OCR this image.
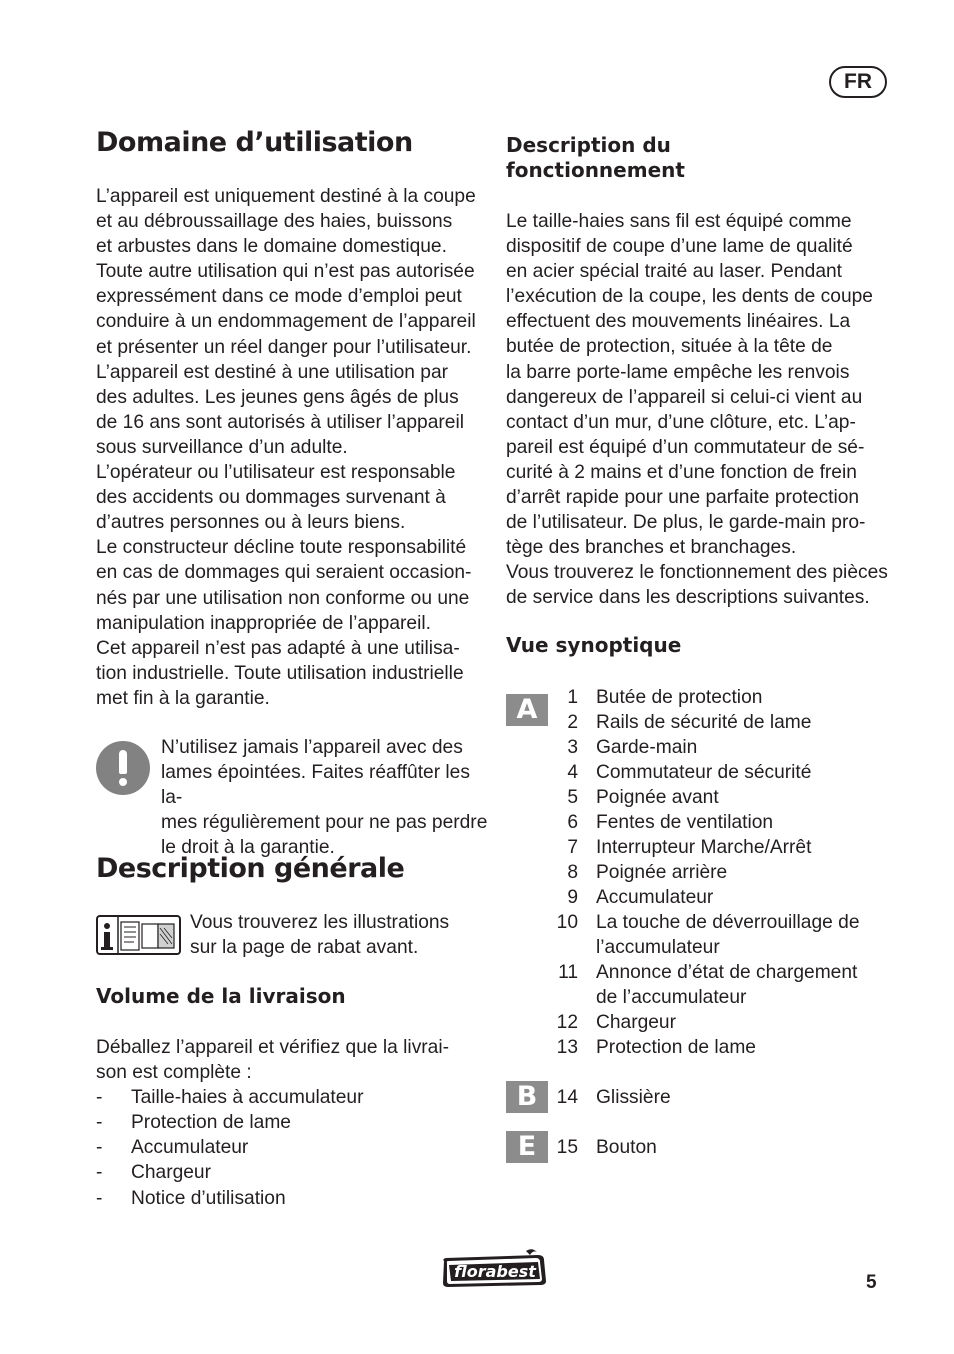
FR
Domaine d’utilisation

L’appareil est uniquement destiné à la coupe

et au débroussaillage des haies, buissons

et arbustes dans le domaine domestique.

Toute autre utilisation qui n’est pas autorisée

expressément dans ce mode d’emploi peut

conduire à un endommagement de l’appareil

et présenter un réel danger pour l’utilisateur.

L’appareil est destiné à une utilisation par

des adultes. Les jeunes gens âgés de plus

de 16 ans sont autorisés à utiliser l’appareil

sous surveillance d’un adulte.

L’opérateur ou l’utilisateur est responsable

des accidents ou dommages survenant à

d’autres personnes ou à leurs biens.

Le constructeur décline toute responsabilité

en cas de dommages qui seraient occasion-

nés par une utilisation non conforme ou une

manipulation inappropriée de l’appareil.

Cet appareil n’est pas adapté à une utilisa-

tion industrielle. Toute utilisation industrielle

met fin à la garantie.

N’utilisez jamais l’appareil avec des

lames épointées. Faites réaffûter les la-

mes régulièrement pour ne pas perdre

le droit à la garantie.

Description générale

Vous trouverez les illustrations

sur la page de rabat avant.

Volume de la livraison

Déballez l’appareil et vérifiez que la livrai-

son est complète :

- Taille-haies à accumulateur
- Protection de lame
- Accumulateur
- Chargeur
- Notice d’utilisation
Description du
fonctionnement

Le taille-haies sans fil est équipé comme

dispositif de coupe d’une lame de qualité

en acier spécial traité au laser. Pendant

l’exécution de la coupe, les dents de coupe

effectuent des mouvements linéaires. La

butée de protection, située à la tête de

la barre porte-lame empêche les renvois

dangereux de l’appareil si celui-ci vient au

contact d’un mur, d’une clôture, etc. L’ap-

pareil est équipé d’un commutateur de sé-

curité à 2 mains et d’une fonction de frein

d’arrêt rapide pour une parfaite protection

de l’utilisateur. De plus, le garde-main pro-

tège des branches et branchages.

Vous trouverez le fonctionnement des pièces

de service dans les descriptions suivantes.

Vue synoptique
A
B
E
1 Butée de protection
2 Rails de sécurité de lame
3 Garde-main
4 Commutateur de sécurité
5 Poignée avant
6 Fentes de ventilation
7 Interrupteur Marche/Arrêt
8 Poignée arrière
9 Accumulateur
10 La touche de déverrouillage de
l’accumulateur
11 Annonce d’état de chargement
de l’accumulateur
12 Chargeur
13 Protection de lame
14 Glissière
15 Bouton
florabest
5
